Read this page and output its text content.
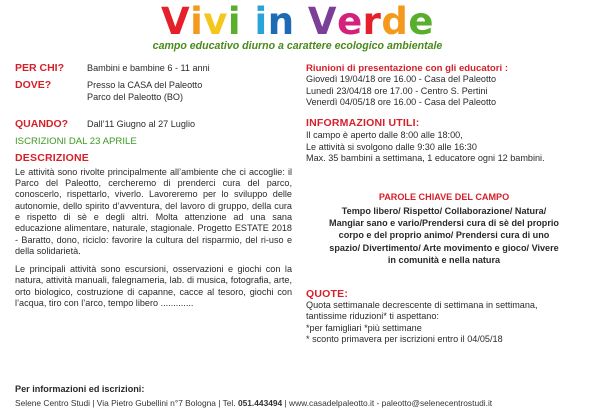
Vivi in Verde
campo educativo diurno a carattere ecologico ambientale
PER CHI?	Bambini e bambine 6 - 11 anni
DOVE?	Presso la CASA del Paleotto
Parco del Paleotto (BO)
QUANDO?	Dall’11 Giugno al 27 Luglio
ISCRIZIONI DAL 23 APRILE
DESCRIZIONE

Le attività sono rivolte principalmente all’ambiente che ci accoglie: il Parco del Paleotto, cercheremo di prenderci cura del parco, conoscerlo, rispettarlo, viverlo. Lavoreremo per lo sviluppo delle autonomie, dello spirito d’avventura, del lavoro di gruppo, della cura e rispetto di sè e degli altri. Molta attenzione ad una sana educazione alimentare, naturale, stagionale. Progetto ESTATE 2018 - Baratto, dono, riciclo: favorire la cultura del risparmio, del ri-uso e della solidarietà.

Le principali attività sono escursioni, osservazioni e giochi con la natura, attività manuali, falegnameria, lab. di musica, fotografia, arte, orto biologico, costruzione di capanne, cacce al tesoro, giochi con l’acqua, tiro con l’arco, tempo libero .............

Riunioni di presentazione con gli educatori :
Giovedì 19/04/18 ore 16.00 - Casa del Paleotto
Lunedì 23/04/18 ore 17.00 - Centro S. Pertini
Venerdì 04/05/18 ore 16.00 - Casa del Paleotto
INFORMAZIONI UTILI:
Il campo è aperto dalle 8:00 alle 18:00,
Le attività si svolgono dalle 9:30 alle 16:30
Max. 35 bambini a settimana, 1 educatore ogni 12 bambini.
PAROLE CHIAVE DEL CAMPO
Tempo libero/ Rispetto/ Collaborazione/ Natura/
Mangiar sano e vario/Prendersi cura di sè del proprio
corpo e del proprio animo/ Prendersi cura di uno
spazio/ Divertimento/ Arte movimento e gioco/ Vivere
in comunità e nella natura
QUOTE:
Quota settimanale decrescente di settimana in settimana,
tantissime riduzioni* ti aspettano:
*per famigliari *più settimane
* sconto primavera per iscrizioni entro il 04/05/18
Per informazioni ed iscrizioni:
Selene Centro Studi | Via Pietro Gubellini n°7 Bologna | Tel. 051.443494 | www.casadelpaleotto.it - paleotto@selenecentrostudi.it
